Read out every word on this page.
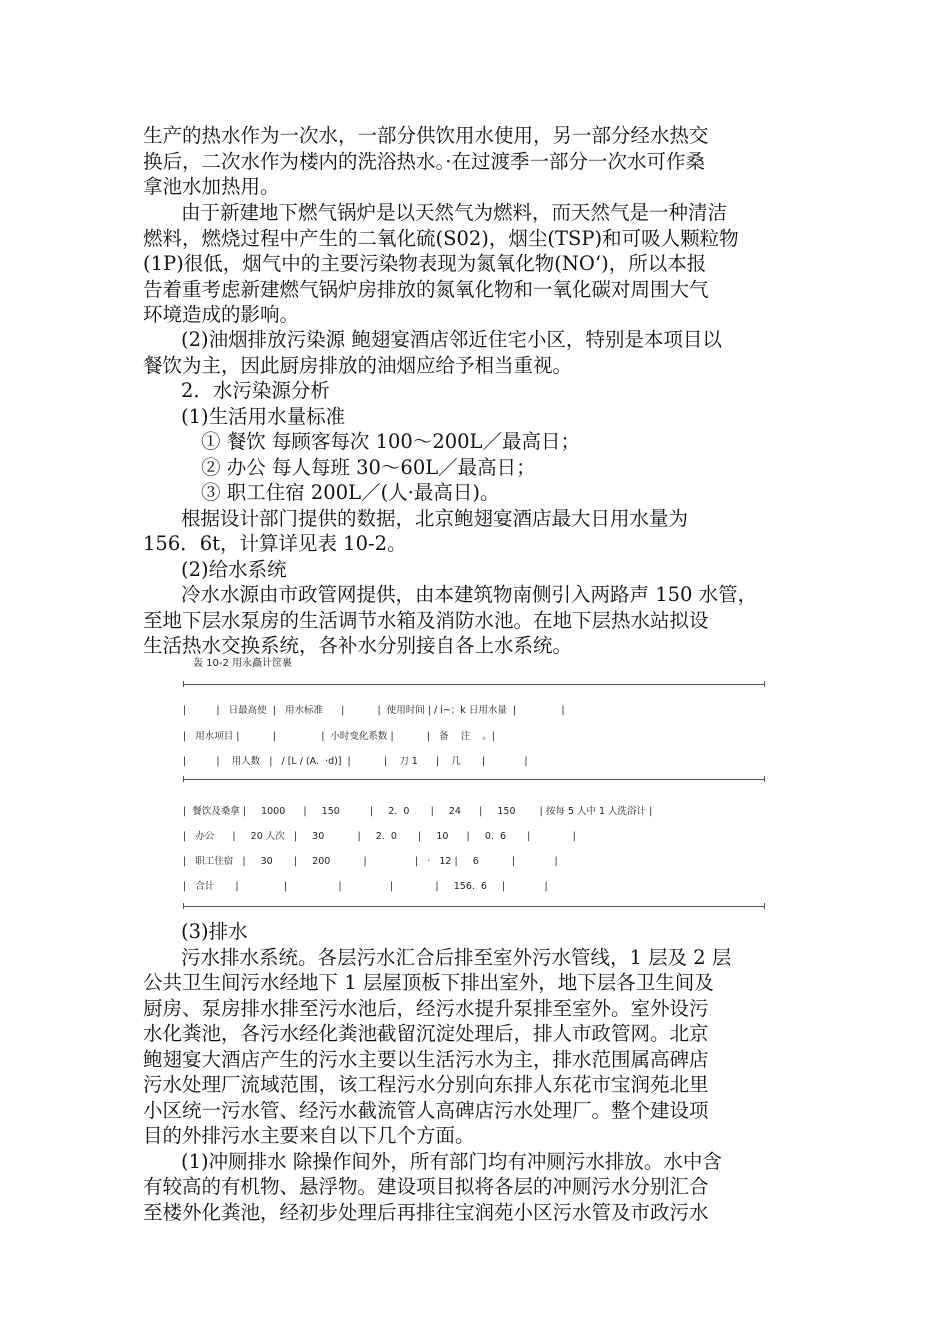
生产的热水作为一次水，一部分供饮用水使用，另一部分经水热交
换后，二次水作为楼内的洗浴热水。·在过渡季一部分一次水可作桑
拿池水加热用。
由于新建地下燃气锅炉是以天然气为燃料，而天然气是一种清洁
燃料，燃烧过程中产生的二氧化硫(S02)，烟尘(TSP)和可吸人颗粒物
(1P)很低，烟气中的主要污染物表现为氮氧化物(NO‘)，所以本报
告着重考虑新建燃气锅炉房排放的氮氧化物和一氧化碳对周围大气
环境造成的影响。
(2)油烟排放污染源 鲍翅宴酒店邻近住宅小区，特别是本项目以
餐饮为主，因此厨房排放的油烟应给予相当重视。
2．水污染源分析
(1)生活用水量标准
① 餐饮 每顾客每次 100～200L／最高日；
② 办公 每人每班 30～60L／最高日；
③ 职工住宿 200L／(人·最高日)。
根据设计部门提供的数据，北京鲍翅宴酒店最大日用水量为
156．6t，计算详见表 10-2。
(2)给水系统
冷水水源由市政管网提供，由本建筑物南侧引入两路声 150 水管，
至地下层水泵房的生活调节水箱及消防水池。在地下层热水站拟设
生活热水交换系统，各补水分别接自各上水系统。
轰 10-2 用永矗计筐裹
|          |   日最高使  |   用水标准      |           |  使用时间 | / i~；k 日用水量  |               |
|   用水项目 |           |               |  小时变化系数 |           |   备    注    。|
|          |    用人数   |   / [L / (A.  ·d)]  |           |    刀 1      |    几       |             |
|  餐饮及桑拿 |     1000      |     150          |     2.  0       |     24      |     150        | 按每 5 人中 1 人洗浴计 |
|   办公      |     20 人次   |     30           |     2.  0       |     10      |     0.  6       |              |
|   职工住宿   |     30       |     200           |                |   ·   12 |     6           |             |
|   合计       |               |                 |                |              |     156.  6     |             |
(3)排水
污水排水系统。各层污水汇合后排至室外污水管线，1 层及 2 层
公共卫生间污水经地下 1 层屋顶板下排出室外，地下层各卫生间及
厨房、泵房排水排至污水池后，经污水提升泵排至室外。室外设污
水化粪池，各污水经化粪池截留沉淀处理后，排人市政管网。北京
鲍翅宴大酒店产生的污水主要以生活污水为主，排水范围属高碑店
污水处理厂流域范围，该工程污水分别向东排人东花市宝润苑北里
小区统一污水管、经污水截流管人高碑店污水处理厂。整个建设项
目的外排污水主要来自以下几个方面。
(1)冲厕排水 除操作间外，所有部门均有冲厕污水排放。水中含
有较高的有机物、悬浮物。建设项目拟将各层的冲厕污水分别汇合
至楼外化粪池，经初步处理后再排往宝润苑小区污水管及市政污水
